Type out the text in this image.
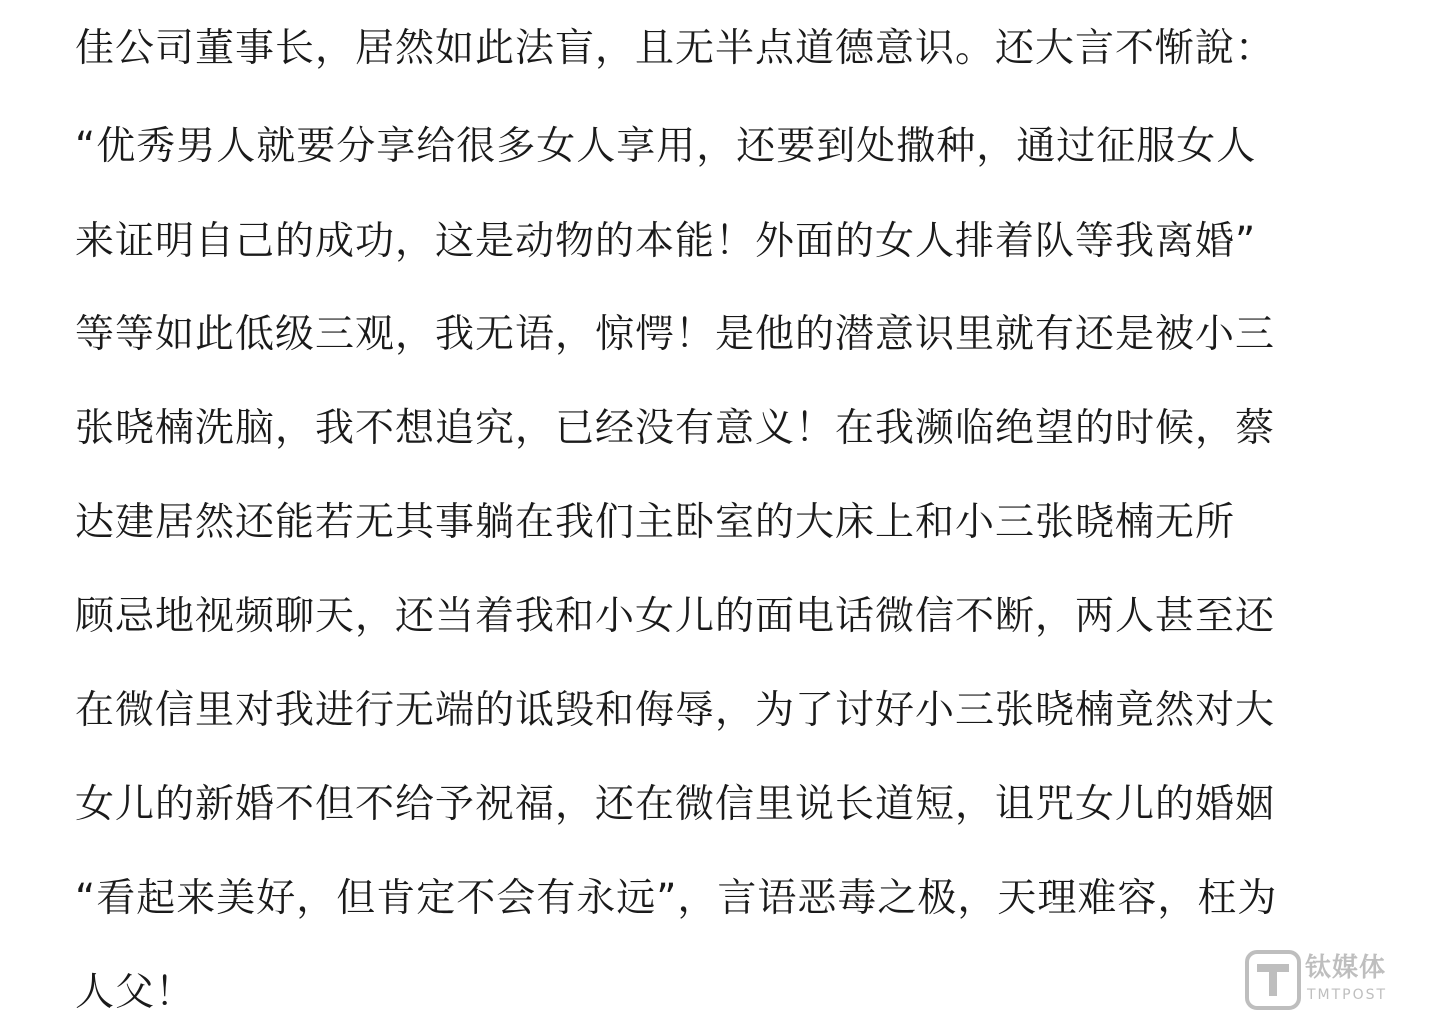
佳公司董事长，居然如此法盲，且无半点道德意识。还大言不惭說：
“优秀男人就要分享给很多女人享用，还要到处撒种，通过征服女人
来证明自己的成功，这是动物的本能！外面的女人排着队等我离婚”
等等如此低级三观，我无语，惊愕！是他的潜意识里就有还是被小三
张晓楠洗脑，我不想追究，已经没有意义！在我濒临绝望的时候，蔡
达建居然还能若无其事躺在我们主卧室的大床上和小三张晓楠无所
顾忌地视频聊天，还当着我和小女儿的面电话微信不断，两人甚至还
在微信里对我进行无端的诋毁和侮辱，为了讨好小三张晓楠竟然对大
女儿的新婚不但不给予祝福，还在微信里说长道短，诅咒女儿的婚姻
“看起来美好，但肯定不会有永远”，言语恶毒之极，天理难容，枉为
人父！
钛媒体
TMTPOST
